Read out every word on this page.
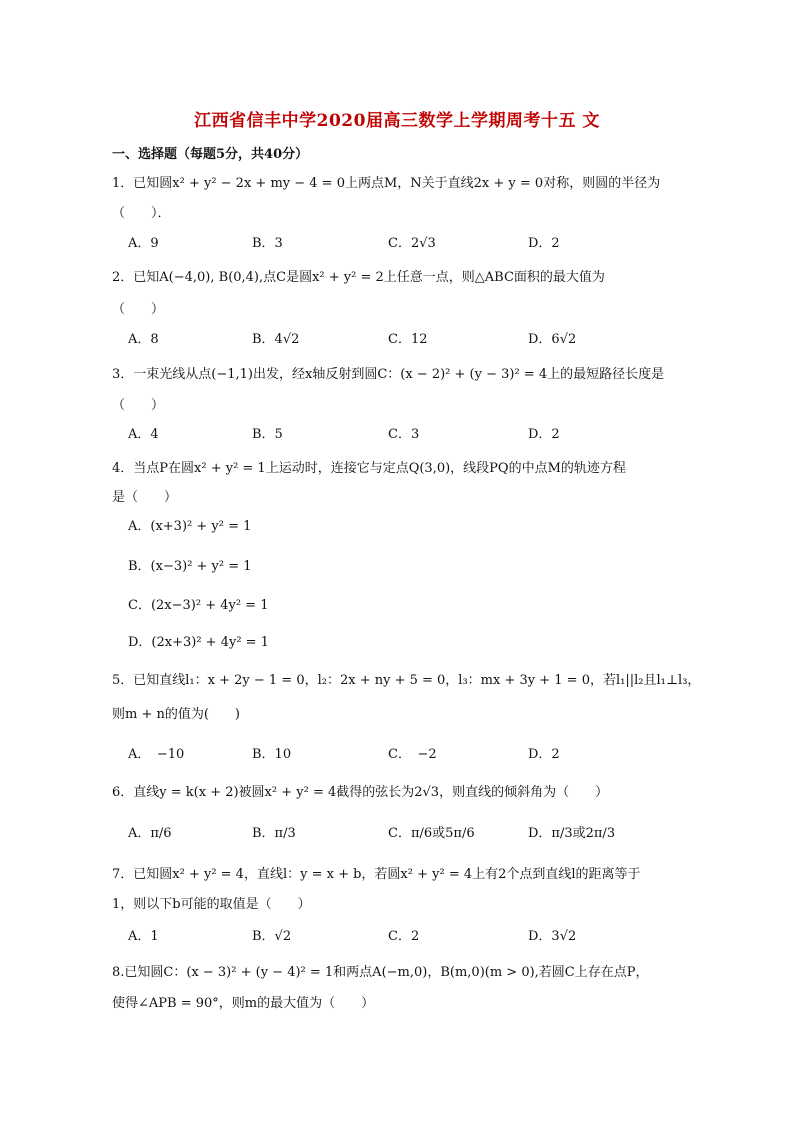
江西省信丰中学2020届高三数学上学期周考十五 文
一、选择题（每题5分，共40分）
1．已知圆x² + y² − 2x + my − 4 = 0上两点M，N关于直线2x + y = 0对称，则圆的半径为
（　　）．
A．9	B．3	C．2√3	D．2
2．已知A(−4,0), B(0,4),点C是圆x² + y² = 2上任意一点，则△ABC面积的最大值为
（　　）
A．8	B．4√2	C．12	D．6√2
3．一束光线从点(−1,1)出发，经x轴反射到圆C：(x − 2)² + (y − 3)² = 4上的最短路径长度是
（　　）
A．4	B．5	C．3	D．2
4．当点P在圆x² + y² = 1上运动时，连接它与定点Q(3,0)，线段PQ的中点M的轨迹方程
是（　　）
A．(x+3)² + y² = 1
B．(x−3)² + y² = 1
C．(2x−3)² + 4y² = 1
D．(2x+3)² + 4y² = 1
5．已知直线l₁：x + 2y − 1 = 0，l₂：2x + ny + 5 = 0，l₃：mx + 3y + 1 = 0，若l₁||l₂且l₁⊥l₃，
则m + n的值为(　　)
A．　−10	B．10	C．　−2	D．2
6．直线y = k(x + 2)被圆x² + y² = 4截得的弦长为2√3，则直线的倾斜角为（　　）
A．π/6	B．π/3	C．π/6或5π/6	D．π/3或2π/3
7．已知圆x² + y² = 4，直线l：y = x + b，若圆x² + y² = 4上有2个点到直线l的距离等于
1，则以下b可能的取值是（　　）
A．1	B．√2	C．2	D．3√2
8.已知圆C：(x − 3)² + (y − 4)² = 1和两点A(−m,0)，B(m,0)(m > 0),若圆C上存在点P，
使得∠APB = 90°，则m的最大值为（　　）
